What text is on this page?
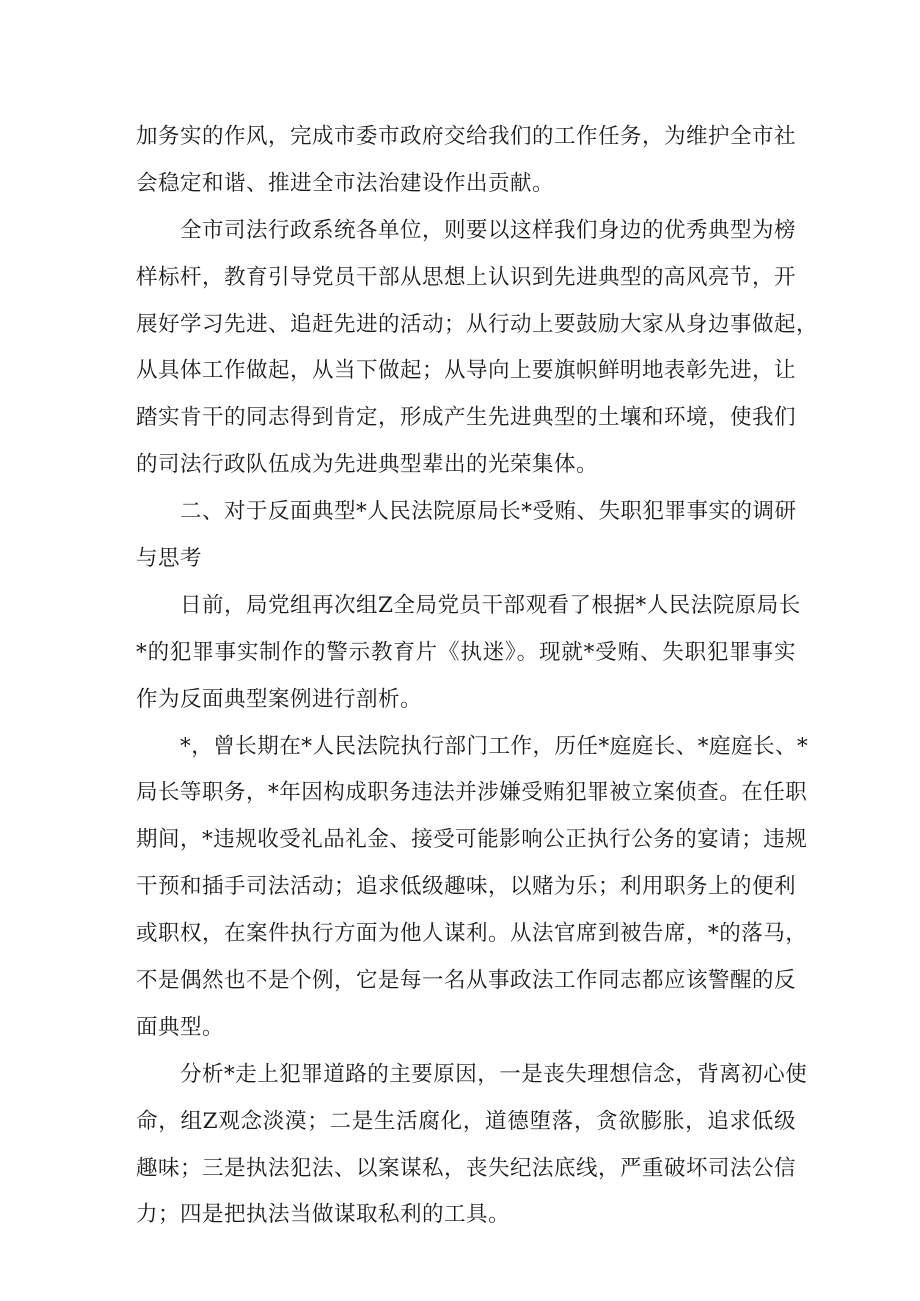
加务实的作风，完成市委市政府交给我们的工作任务，为维护全市社
会稳定和谐、推进全市法治建设作出贡献。
全市司法行政系统各单位，则要以这样我们身边的优秀典型为榜
样标杆，教育引导党员干部从思想上认识到先进典型的高风亮节，开
展好学习先进、追赶先进的活动；从行动上要鼓励大家从身边事做起，
从具体工作做起，从当下做起；从导向上要旗帜鲜明地表彰先进，让
踏实肯干的同志得到肯定，形成产生先进典型的土壤和环境，使我们
的司法行政队伍成为先进典型辈出的光荣集体。
二、对于反面典型*人民法院原局长*受贿、失职犯罪事实的调研
与思考
日前，局党组再次组Z全局党员干部观看了根据*人民法院原局长
*的犯罪事实制作的警示教育片《执迷》。现就*受贿、失职犯罪事实
作为反面典型案例进行剖析。
*，曾长期在*人民法院执行部门工作，历任*庭庭长、*庭庭长、*
局长等职务，*年因构成职务违法并涉嫌受贿犯罪被立案侦查。在任职
期间，*违规收受礼品礼金、接受可能影响公正执行公务的宴请；违规
干预和插手司法活动；追求低级趣味，以赌为乐；利用职务上的便利
或职权，在案件执行方面为他人谋利。从法官席到被告席，*的落马，
不是偶然也不是个例，它是每一名从事政法工作同志都应该警醒的反
面典型。
分析*走上犯罪道路的主要原因，一是丧失理想信念，背离初心使
命，组Z观念淡漠；二是生活腐化，道德堕落，贪欲膨胀，追求低级
趣味；三是执法犯法、以案谋私，丧失纪法底线，严重破坏司法公信
力；四是把执法当做谋取私利的工具。
